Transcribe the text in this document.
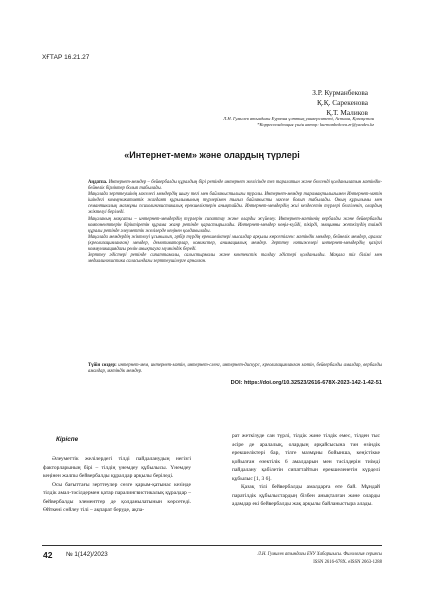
ХҒТАР 16.21.27
З.Р. Курманбекова
Қ.Қ. Сарекенова
Қ.Т. Маликов
Л.Н. Гумилев атындағы Еуразия ұлттық университеті, Астана, Қазақстан
*Корреспонденция үшін автор: kurmanbekova.zr@yandex.kz
«Интернет-мем» және олардың түрлері

Аңдатпа. Интернет-мемдер – бейвербалды құралдың бірі ретінде интернет желісінде тез таралатын және белсенді қолданылатын мәтіндік-бейнелік бірліктер болып табылады.

Мақалада зерттеушінің мәселесі мемдердің шығу тегі мен байланыстылығы туралы. Интернет-мемдер тарамақтылығымен Интернет-мәтін ішіндегі коммуникативтік жағдаят құрылымының түрлерімен тығыз байланысты мәселе болып табылады. Оның құрылымы мен семантикалық мазмұны психолингвистикалық ерекшеліктерін анықтайды. Интернет-мемдердің жиі кездесетін түрлері белгіленіп, олардың жіктелуі беріледі.

Мақаланың мақсаты – интернет-мемдердің түрлерін сипаттау және оларды жүйелеу. Интернет-мәтіннің вербалды және бейвербалды компоненттерін біріктіретін құрама жанр ретінде қарастырылады. Интернет-мемдер көңіл-күйді, пікірді, эмоцияны жеткізудің тиімді құралы ретінде әлеуметтік желілерде кеңінен қолданылады.

Мақалада мемдердің жіктелуі ұсынылып, әрбір түрдің ерекшеліктері мысалдар арқылы көрсетілген: мәтіндік мемдер, бейнелік мемдер, аралас (креолизацияланған) мемдер, демотиваторлар, комикстер, анимациялық мемдер. Зерттеу нәтижелері интернет-мемдердің қазіргі коммуникациядағы рөлін анықтауға мүмкіндік береді.

Зерттеу әдістері ретінде сипаттамалы, салыстырмалы және контекстік талдау әдістері қолданылды. Мақала тіл білімі мен медиалингвистика саласындағы зерттеушілерге арналған.

Түйін сөздер: интернет-мем, интернет-мәтін, интернет-сленг, интернет-дискурс, креолизацияланған мәтін, бейвербалды амалдар, вербалды амалдар, мәтіндік мемдер.
DOI: https://doi.org/10.32523/2616-678X-2023-142-1-42-51
Кіріспе

Әлеуметтік желілердегі тілді пайдаланудың негізгі факторларының бірі – тілдің үнемдеу құбылысы. Үнемдеу кеңінен жалпы бейвербалды құралдар арқылы беріледі.

Осы бағыттағы зерттеулер сөзге қарым-қатынас кезінде тілдік амал-тәсілдермен қатар паралингвистикалық құралдар – бейвербалды элементтер де қолданылатынын көрсетеді. Өйткені сөйлеу тілі – ақпарат беруде, ақпа-

рат жеткізуде сан түрлі, тілдік және тілдік емес, тілден тыс әсіре де аралалық, олардың әрқайсысына тән өзіндік ерекшеліктері бар, тілге мазмұны бойынша, кеңістікке қойылған өзектілік 6 амалдарын мен тәсілдерін тиімді пайдалану қабілетін сипаттайтын ерекшеленетін күрделі құбылыс [1, 3 6].

Қазақ тілі бейвербалды амалдарға өте бай. Мұндай паратілдік құбылыстардың бізбен анықталған және оларды адамдар екі бейвербалды жақ арқылы байланыстыра алады.

42 № 1(142)/2023	Л.Н. Гумилев атындағы ЕҰУ Хабаршысы. Филология сериясы
ISSN 2616-678X. eISSN 2663-1288
